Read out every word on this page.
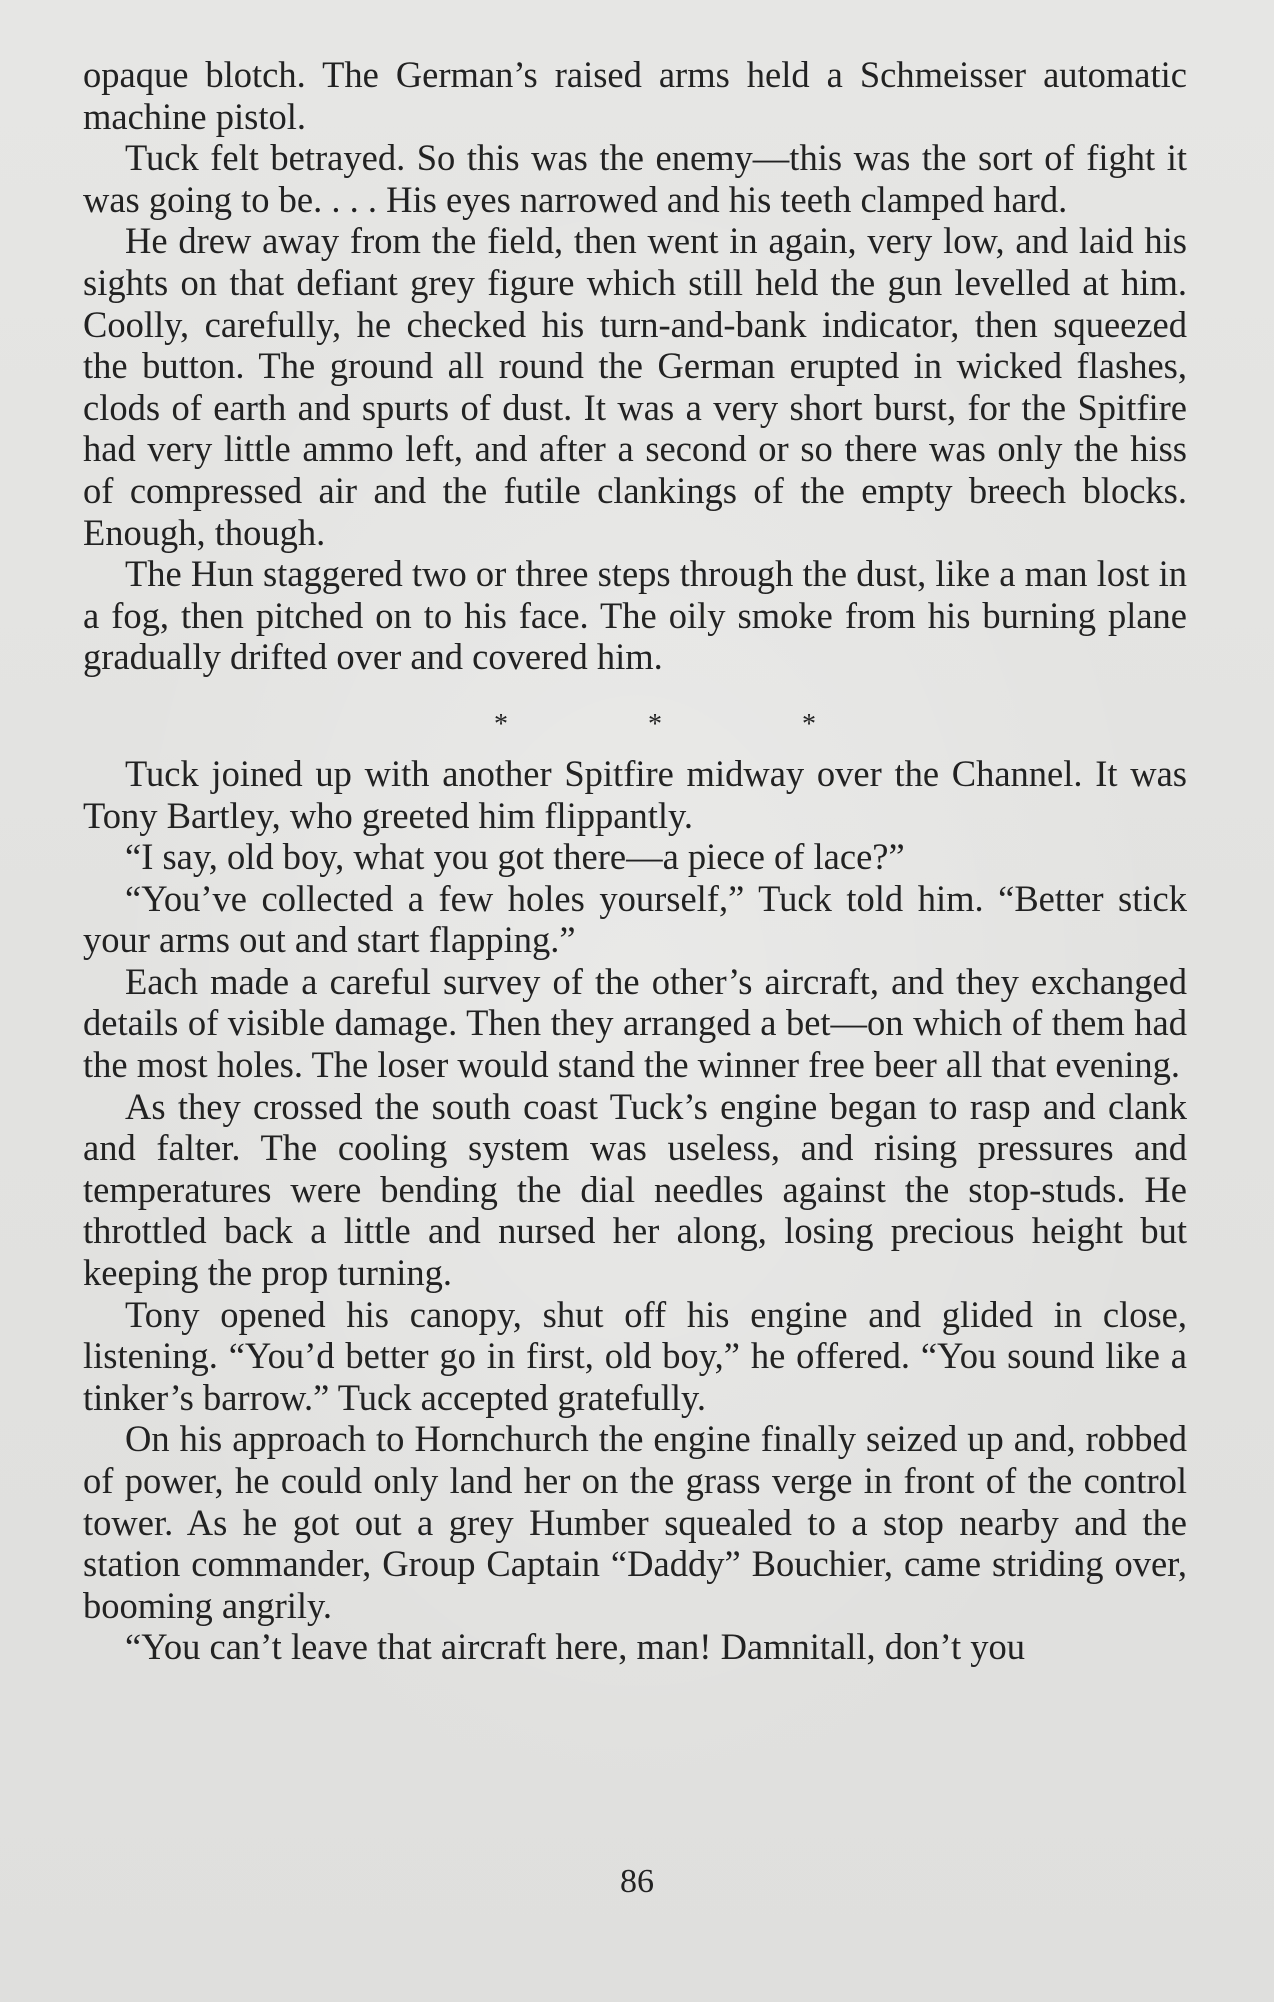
opaque blotch. The German’s raised arms held a Schmeisser automatic machine pistol.

Tuck felt betrayed. So this was the enemy—this was the sort of fight it was going to be. . . . His eyes narrowed and his teeth clamped hard.

He drew away from the field, then went in again, very low, and laid his sights on that defiant grey figure which still held the gun levelled at him. Coolly, carefully, he checked his turn-and-bank indicator, then squeezed the button. The ground all round the German erupted in wicked flashes, clods of earth and spurts of dust. It was a very short burst, for the Spitfire had very little ammo left, and after a second or so there was only the hiss of compressed air and the futile clankings of the empty breech blocks. Enough, though.

The Hun staggered two or three steps through the dust, like a man lost in a fog, then pitched on to his face. The oily smoke from his burning plane gradually drifted over and covered him.

*	*	*

Tuck joined up with another Spitfire midway over the Channel. It was Tony Bartley, who greeted him flippantly.

“I say, old boy, what you got there—a piece of lace?”

“You’ve collected a few holes yourself,” Tuck told him. “Better stick your arms out and start flapping.”

Each made a careful survey of the other’s aircraft, and they exchanged details of visible damage. Then they arranged a bet—on which of them had the most holes. The loser would stand the winner free beer all that evening.

As they crossed the south coast Tuck’s engine began to rasp and clank and falter. The cooling system was useless, and rising pressures and temperatures were bending the dial needles against the stop-studs. He throttled back a little and nursed her along, losing precious height but keeping the prop turning.

Tony opened his canopy, shut off his engine and glided in close, listening. “You’d better go in first, old boy,” he offered. “You sound like a tinker’s barrow.” Tuck accepted gratefully.

On his approach to Hornchurch the engine finally seized up and, robbed of power, he could only land her on the grass verge in front of the control tower. As he got out a grey Humber squealed to a stop nearby and the station commander, Group Captain “Daddy” Bouchier, came striding over, booming angrily.

“You can’t leave that aircraft here, man! Damnitall, don’t you

86
